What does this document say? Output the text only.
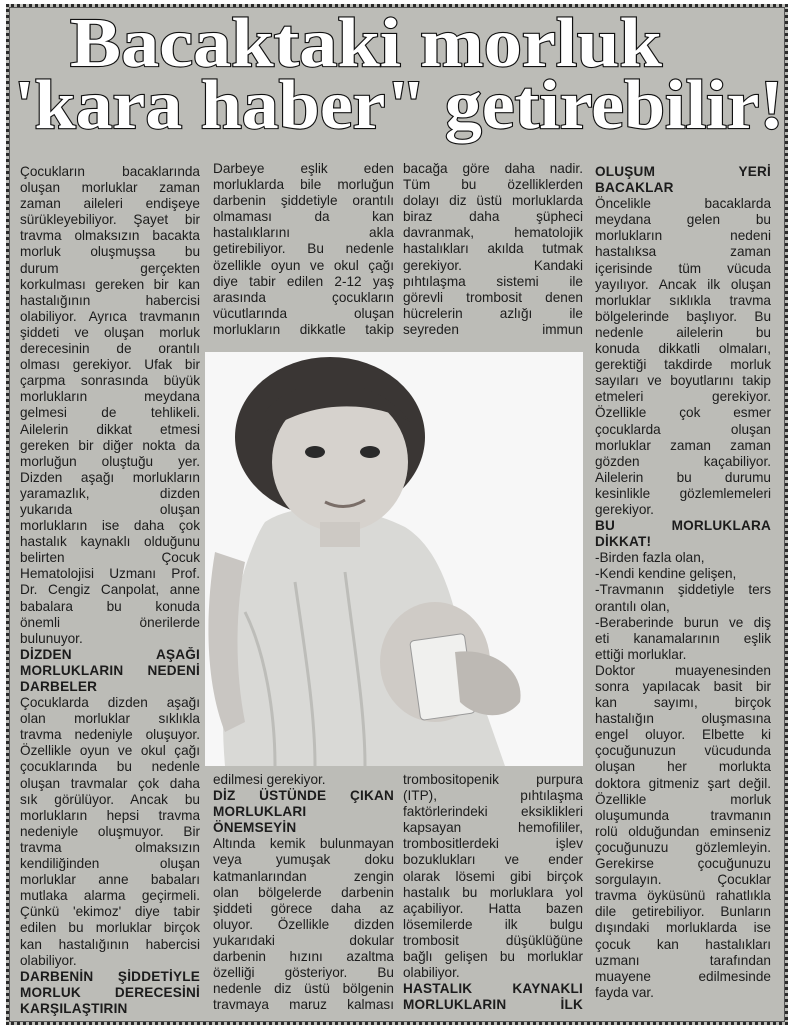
Bacaktaki morluk
'kara haber" getirebilir!
Çocukların bacaklarında
oluşan morluklar zaman
zaman aileleri endişeye
sürükleyebiliyor. Şayet bir
travma olmaksızın bacakta
morluk oluşmuşsa bu
durum gerçekten
korkulması gereken bir kan
hastalığının habercisi
olabiliyor. Ayrıca travmanın
şiddeti ve oluşan morluk
derecesinin de orantılı
olması gerekiyor. Ufak bir
çarpma sonrasında büyük
morlukların meydana
gelmesi de tehlikeli.
Ailelerin dikkat etmesi
gereken bir diğer nokta da
morluğun oluştuğu yer.
Dizden aşağı morlukların
yaramazlık, dizden
yukarıda oluşan
morlukların ise daha çok
hastalık kaynaklı olduğunu
belirten Çocuk
Hematolojisi Uzmanı Prof.
Dr. Cengiz Canpolat, anne
babalara bu konuda
önemli önerilerde
bulunuyor.
DİZDEN AŞAĞI
MORLUKLARIN NEDENİ
DARBELER
Çocuklarda dizden aşağı
olan morluklar sıklıkla
travma nedeniyle oluşuyor.
Özellikle oyun ve okul çağı
çocuklarında bu nedenle
oluşan travmalar çok daha
sık görülüyor. Ancak bu
morlukların hepsi travma
nedeniyle oluşmuyor. Bir
travma olmaksızın
kendiliğinden oluşan
morluklar anne babaları
mutlaka alarma geçirmeli.
Çünkü 'ekimoz' diye tabir
edilen bu morluklar birçok
kan hastalığının habercisi
olabiliyor.
DARBENİN ŞİDDETİYLE
MORLUK DERECESİNİ
KARŞILAŞTIRIN
Darbeye eşlik eden
morluklarda bile morluğun
darbenin şiddetiyle orantılı
olmaması da kan
hastalıklarını akla
getirebiliyor. Bu nedenle
özellikle oyun ve okul çağı
diye tabir edilen 2-12 yaş
arasında çocukların
vücutlarında oluşan
morlukların dikkatle takip
bacağa göre daha nadir.
Tüm bu özelliklerden
dolayı diz üstü morluklarda
biraz daha şüpheci
davranmak, hematolojik
hastalıkları akılda tutmak
gerekiyor. Kandaki
pıhtılaşma sistemi ile
görevli trombosit denen
hücrelerin azlığı ile
seyreden immun
OLUŞUM YERİ
BACAKLAR
Öncelikle bacaklarda
meydana gelen bu
morlukların nedeni
hastalıksa zaman
içerisinde tüm vücuda
yayılıyor. Ancak ilk oluşan
morluklar sıklıkla travma
bölgelerinde başlıyor. Bu
nedenle ailelerin bu
konuda dikkatli olmaları,
gerektiği takdirde morluk
sayıları ve boyutlarını takip
etmeleri gerekiyor.
Özellikle çok esmer
çocuklarda oluşan
morluklar zaman zaman
gözden kaçabiliyor.
Ailelerin bu durumu
kesinlikle gözlemlemeleri
gerekiyor.
BU MORLUKLARA
DİKKAT!
-Birden fazla olan,
-Kendi kendine gelişen,
-Travmanın şiddetiyle ters
orantılı olan,
-Beraberinde burun ve diş
eti kanamalarının eşlik
ettiği morluklar.
Doktor muayenesinden
sonra yapılacak basit bir
kan sayımı, birçok
hastalığın oluşmasına
engel oluyor. Elbette ki
çocuğunuzun vücudunda
oluşan her morlukta
doktora gitmeniz şart değil.
Özellikle morluk
oluşumunda travmanın
rolü olduğundan eminseniz
çocuğunuzu gözlemleyin.
Gerekirse çocuğunuzu
sorgulayın. Çocuklar
travma öyküsünü rahatlıkla
dile getirebiliyor. Bunların
dışındaki morluklarda ise
çocuk kan hastalıkları
uzmanı tarafından
muayene edilmesinde
fayda var.
edilmesi gerekiyor.
DİZ ÜSTÜNDE ÇIKAN
MORLUKLARI
ÖNEMSEYİN
Altında kemik bulunmayan
veya yumuşak doku
katmanlarından zengin
olan bölgelerde darbenin
şiddeti görece daha az
oluyor. Özellikle dizden
yukarıdaki dokular
darbenin hızını azaltma
özelliği gösteriyor. Bu
nedenle diz üstü bölgenin
travmaya maruz kalması
trombositopenik purpura
(ITP), pıhtılaşma
faktörlerindeki eksiklikleri
kapsayan hemofililer,
trombositlerdeki işlev
bozuklukları ve ender
olarak lösemi gibi birçok
hastalık bu morluklara yol
açabiliyor. Hatta bazen
lösemilerde ilk bulgu
trombosit düşüklüğüne
bağlı gelişen bu morluklar
olabiliyor.
HASTALIK KAYNAKLI
MORLUKLARIN İLK
